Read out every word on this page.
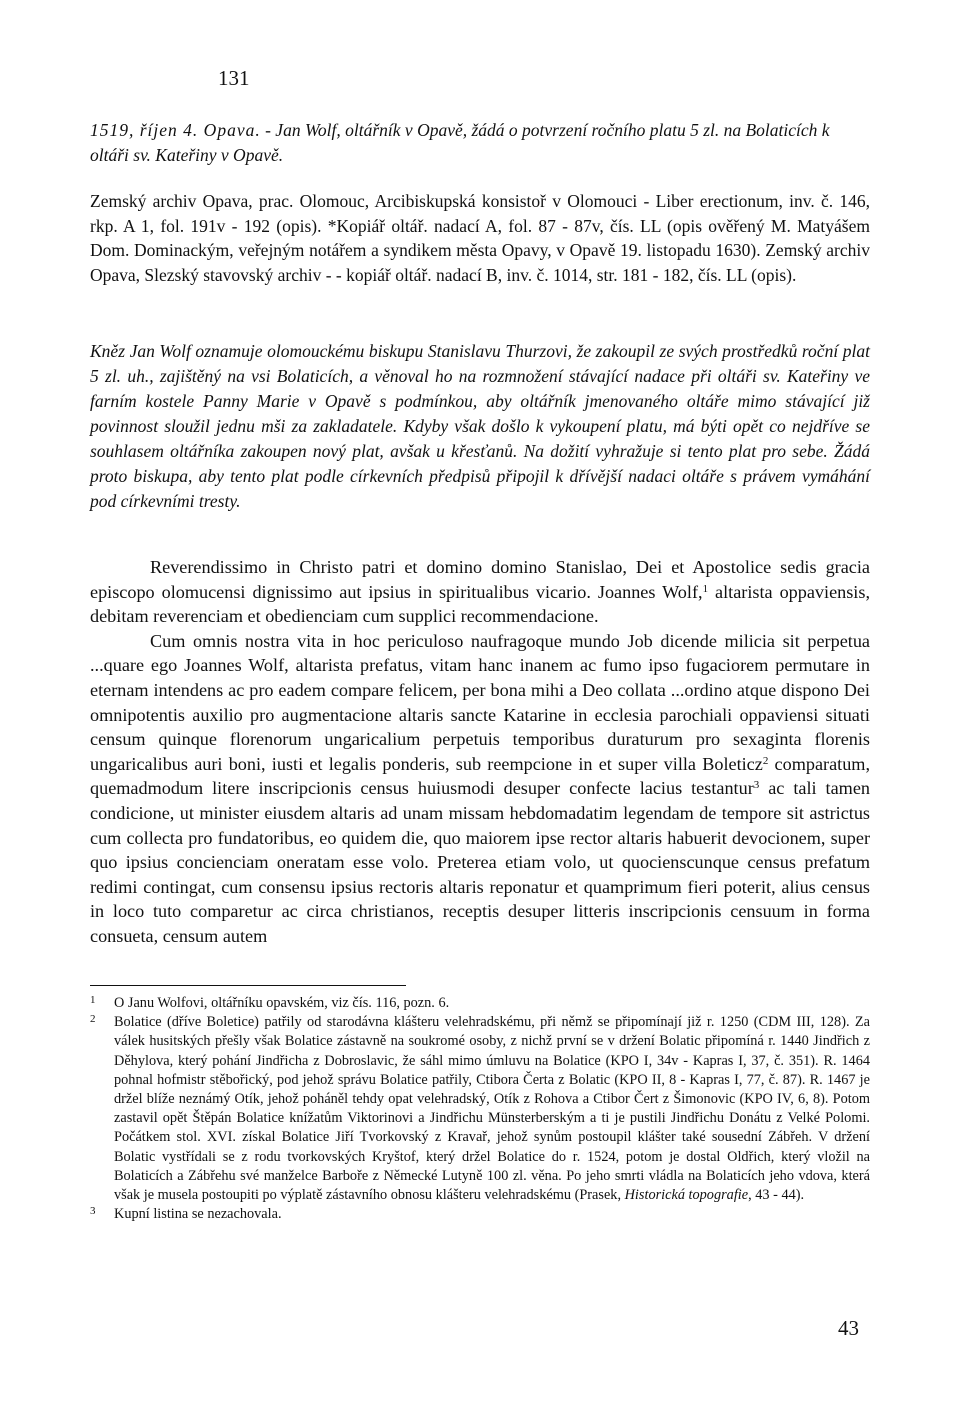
131
1519, říjen 4. Opava. - Jan Wolf, oltářník v Opavě, žádá o potvrzení ročního platu 5 zl. na Bolaticích k oltáři sv. Kateřiny v Opavě.
Zemský archiv Opava, prac. Olomouc, Arcibiskupská konsistoř v Olomouci - Liber erectionum, inv. č. 146, rkp. A 1, fol. 191v - 192 (opis). *Kopiář oltář. nadací A, fol. 87 - 87v, čís. LL (opis ověřený M. Matyášem Dom. Dominackým, veřejným notářem a syndikem města Opavy, v Opavě 19. listopadu 1630). Zemský archiv Opava, Slezský stavovský archiv - - kopiář oltář. nadací B, inv. č. 1014, str. 181 - 182, čís. LL (opis).
Kněz Jan Wolf oznamuje olomouckému biskupu Stanislavu Thurzovi, že zakoupil ze svých prostředků roční plat 5 zl. uh., zajištěný na vsi Bolaticích, a věnoval ho na rozmnožení stávající nadace při oltáři sv. Kateřiny ve farním kostele Panny Marie v Opavě s podmínkou, aby oltářník jmenovaného oltáře mimo stávající již povinnost sloužil jednu mši za zakladatele. Kdyby však došlo k vykoupení platu, má býti opět co nejdříve se souhlasem oltářníka zakoupen nový plat, avšak u křesťanů. Na dožití vyhražuje si tento plat pro sebe. Žádá proto biskupa, aby tento plat podle církevních předpisů připojil k dřívější nadaci oltáře s právem vymáhání pod církevními tresty.

Reverendissimo in Christo patri et domino domino Stanislao, Dei et Apostolice sedis gracia episcopo olomucensi dignissimo aut ipsius in spiritualibus vicario. Joannes Wolf,$^1$ altarista oppaviensis, debitam reverenciam et obedienciam cum supplici recommendacione.

Cum omnis nostra vita in hoc periculoso naufragoque mundo Job dicende milicia sit perpetua ...quare ego Joannes Wolf, altarista prefatus, vitam hanc inanem ac fumo ipso fugaciorem permutare in eternam intendens ac pro eadem compare felicem, per bona mihi a Deo collata ...ordino atque dispono Dei omnipotentis auxilio pro augmentacione altaris sancte Katarine in ecclesia parochiali oppaviensi situati censum quinque florenorum ungaricalium perpetuis temporibus duraturum pro sexaginta florenis ungaricalibus auri boni, iusti et legalis ponderis, sub reempcione in et super villa Boleticz$^2$ comparatum, quemadmodum litere inscripcionis census huiusmodi desuper confecte lacius testantur$^3$ ac tali tamen condicione, ut minister eiusdem altaris ad unam missam hebdomadatim legendam de tempore sit astrictus cum collecta pro fundatoribus, eo quidem die, quo maiorem ipse rector altaris habuerit devocionem, super quo ipsius concienciam oneratam esse volo. Preterea etiam volo, ut quocienscunque census prefatum redimi contingat, cum consensu ipsius rectoris altaris reponatur et quamprimum fieri poterit, alius census in loco tuto comparetur ac circa christianos, receptis desuper litteris inscripcionis censuum in forma consueta, censum autem

1 O Janu Wolfovi, oltářníku opavském, viz čís. 116, pozn. 6.
2 Bolatice (dříve Boletice) patřily od starodávna klášteru velehradskému, při němž se připomínají již r. 1250 (CDM III, 128). Za válek husitských přešly však Bolatice zástavně na soukromé osoby, z nichž první se v držení Bolatic připomíná r. 1440 Jindřich z Děhylova, který pohání Jindřicha z Dobroslavic, že sáhl mimo úmluvu na Bolatice (KPO I, 34v - Kapras I, 37, č. 351). R. 1464 pohnal hofmistr stěbořický, pod jehož správu Bolatice patřily, Ctibora Čerta z Bolatic (KPO II, 8 - Kapras I, 77, č. 87). R. 1467 je držel blíže neznámý Otík, jehož poháněl tehdy opat velehradský, Otík z Rohova a Ctibor Čert z Šimonovic (KPO IV, 6, 8). Potom zastavil opět Štěpán Bolatice knížatům Viktorinovi a Jindřichu Münsterberským a ti je pustili Jindřichu Donátu z Velké Polomi. Počátkem stol. XVI. získal Bolatice Jiří Tvorkovský z Kravař, jehož synům postoupil klášter také sousední Zábřeh. V držení Bolatic vystřídali se z rodu tvorkovských Kryštof, který držel Bolatice do r. 1524, potom je dostal Oldřich, který vložil na Bolaticích a Zábřehu své manželce Barboře z Německé Lutyně 100 zl. věna. Po jeho smrti vládla na Bolaticích jeho vdova, která však je musela postoupiti po výplatě zástavního obnosu klášteru velehradskému (Prasek, Historická topografie, 43 - 44).
3 Kupní listina se nezachovala.
43
